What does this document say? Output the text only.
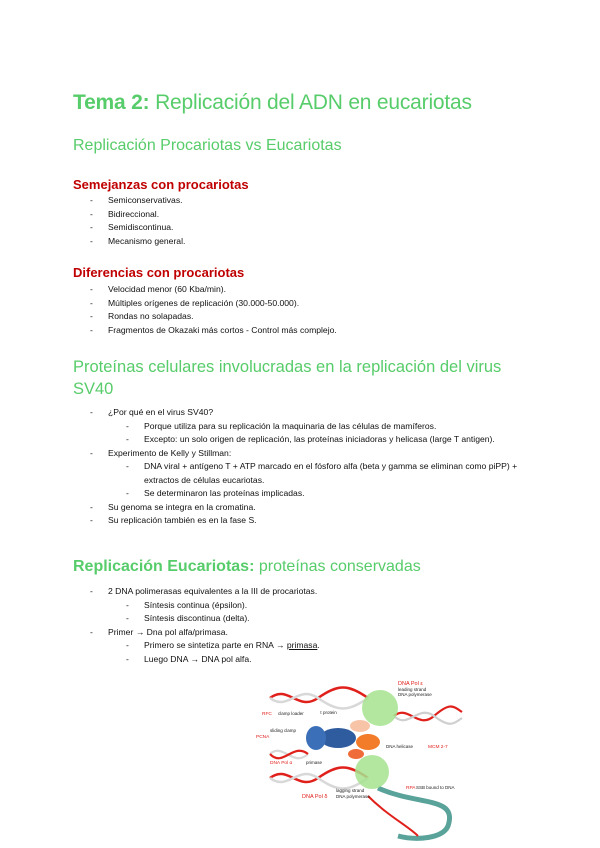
Tema 2: Replicación del ADN en eucariotas
Replicación Procariotas vs Eucariotas
Semejanzas con procariotas
- Semiconservativas.
- Bidireccional.
- Semidiscontinua.
- Mecanismo general.
Diferencias con procariotas
- Velocidad menor (60 Kba/min).
- Múltiples orígenes de replicación (30.000-50.000).
- Rondas no solapadas.
- Fragmentos de Okazaki más cortos - Control más complejo.
Proteínas celulares involucradas en la replicación del virus SV40
- ¿Por qué en el virus SV40?
- Porque utiliza para su replicación la maquinaria de las células de mamíferos.
- Excepto: un solo origen de replicación, las proteínas iniciadoras y helicasa (large T antigen).
- Experimento de Kelly y Stillman:
- DNA viral + antígeno T + ATP marcado en el fósforo alfa (beta y gamma se eliminan como piPP) + extractos de células eucariotas.
- Se determinaron las proteínas implicadas.
- Su genoma se integra en la cromatina.
- Su replicación también es en la fase S.
Replicación Eucariotas: proteínas conservadas
- 2 DNA polimerasas equivalentes a la III de procariotas.
- Síntesis continua (épsilon).
- Síntesis discontinua (delta).
- Primer → Dna pol alfa/primasa.
- Primero se sintetiza parte en RNA → primasa.
- Luego DNA → DNA pol alfa.
DNA Pol ε
leading strand
DNA polymerase
RFC clamp loader	τ protein
sliding clamp
PCNA
DNA helicase	MCM 2-7
DNA Pol α	primase
RPA SSB bound to DNA
lagging strand
DNA Pol δ DNA polymerase
